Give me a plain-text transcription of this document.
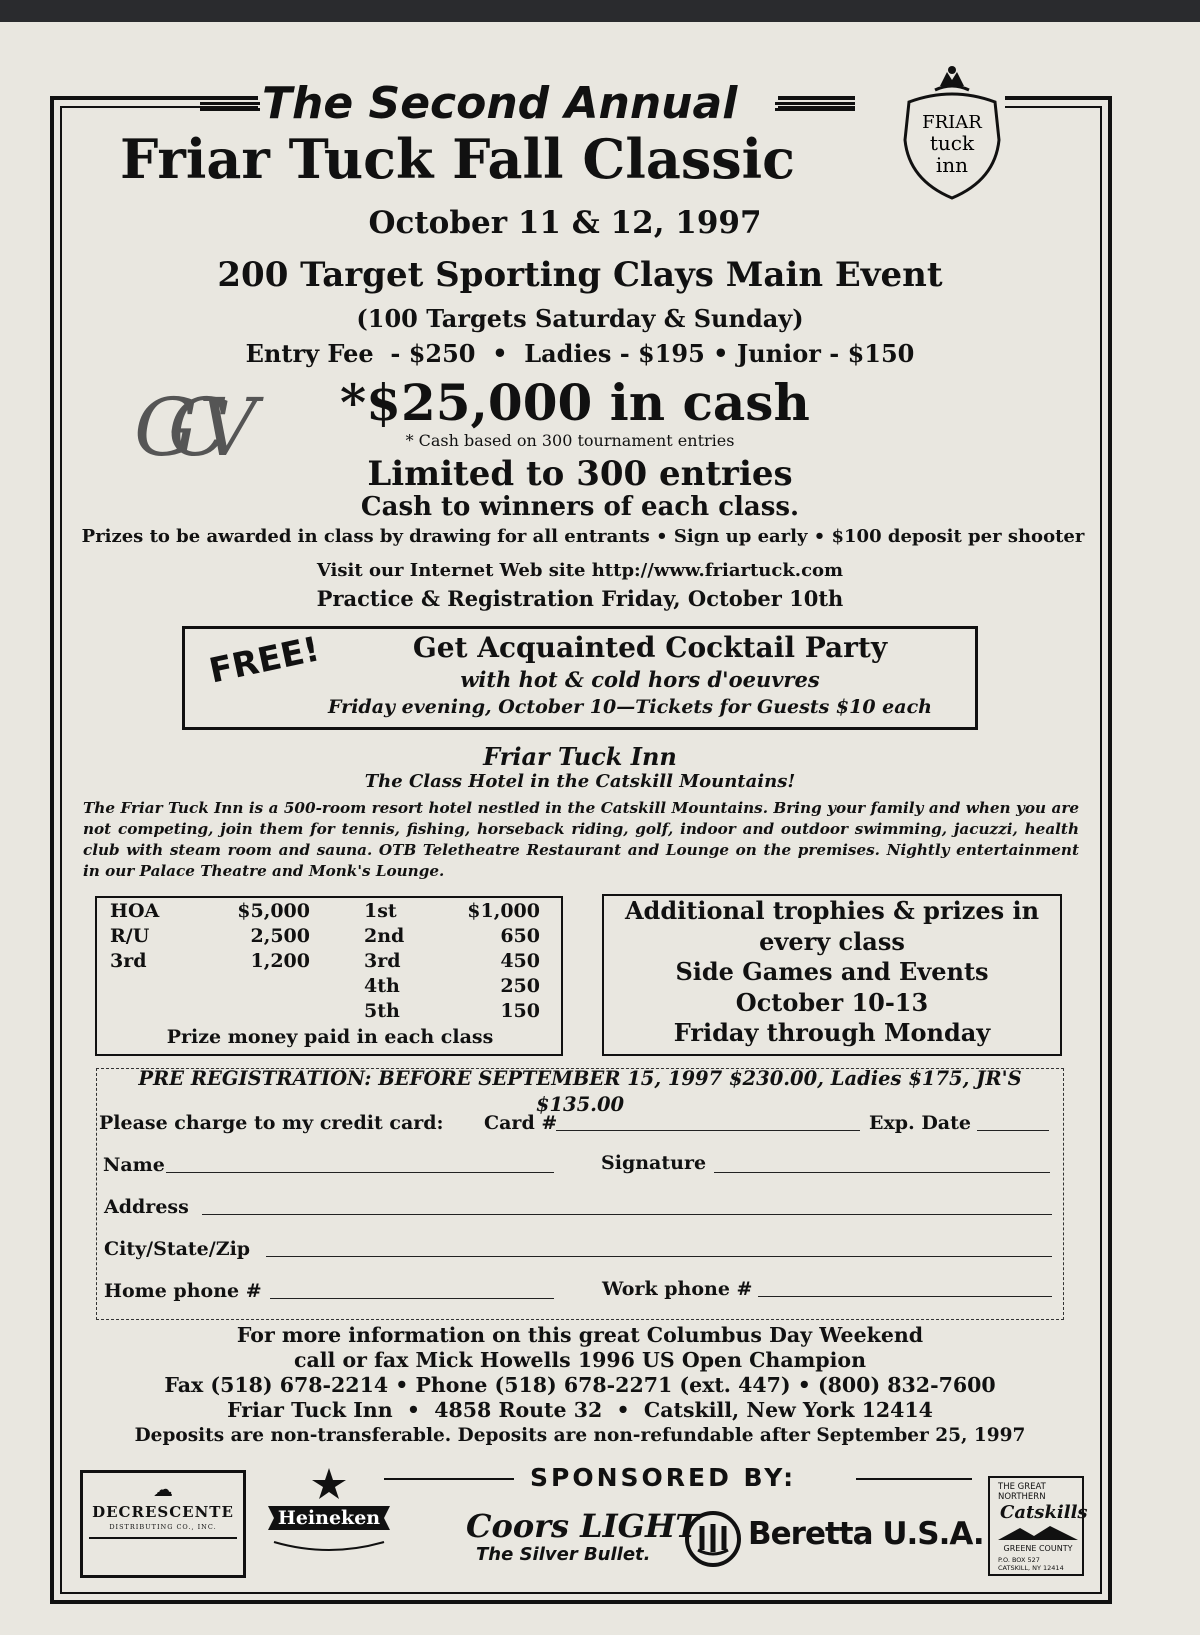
The Second Annual	FRIAR
tuck
inn
Friar Tuck Fall Classic
October 11 & 12, 1997
200 Target Sporting Clays Main Event
(100 Targets Saturday & Sunday)
Entry Fee  - $250  •  Ladies - $195 • Junior - $150
GCV *$25,000 in cash
* Cash based on 300 tournament entries
Limited to 300 entries
Cash to winners of each class.
Prizes to be awarded in class by drawing for all entrants • Sign up early • $100 deposit per shooter
Visit our Internet Web site http://www.friartuck.com
Practice & Registration Friday, October 10th
FREE!	Get Acquainted Cocktail Party
with hot & cold hors d'oeuvres
Friday evening, October 10—Tickets for Guests $10 each
Friar Tuck Inn
The Class Hotel in the Catskill Mountains!
The Friar Tuck Inn is a 500-room resort hotel nestled in the Catskill Mountains. Bring your family and when you are not competing, join them for tennis, fishing, horseback riding, golf, indoor and outdoor swimming, jacuzzi, health club with steam room and sauna. OTB Teletheatre Restaurant and Lounge on the premises. Nightly entertainment in our Palace Theatre and Monk's Lounge.
HOA	$5,000
R/U	2,500
3rd	1,200
1st	$1,000
2nd	650
3rd	450
4th	250
5th	150
Prize money paid in each class
Additional trophies & prizes in
every class
Side Games and Events
October 10-13
Friday through Monday
PRE REGISTRATION: BEFORE SEPTEMBER 15, 1997 $230.00, Ladies $175, JR'S $135.00
Please charge to my credit card: Card #	Exp. Date
Name	Signature
Address
City/State/Zip
Home phone #	Work phone #
For more information on this great Columbus Day Weekend
call or fax Mick Howells 1996 US Open Champion
Fax (518) 678-2214 • Phone (518) 678-2271 (ext. 447) • (800) 832-7600
Friar Tuck Inn  •  4858 Route 32  •  Catskill, New York 12414
Deposits are non-transferable. Deposits are non-refundable after September 25, 1997
SPONSORED BY:
☁
DECRESCENTE
DISTRIBUTING CO., INC.	Heineken	Coors LIGHT
The Silver Bullet.
Beretta U.S.A.
THE GREAT NORTHERN
Catskills
GREENE COUNTY
P.O. BOX 527
CATSKILL, NY 12414
